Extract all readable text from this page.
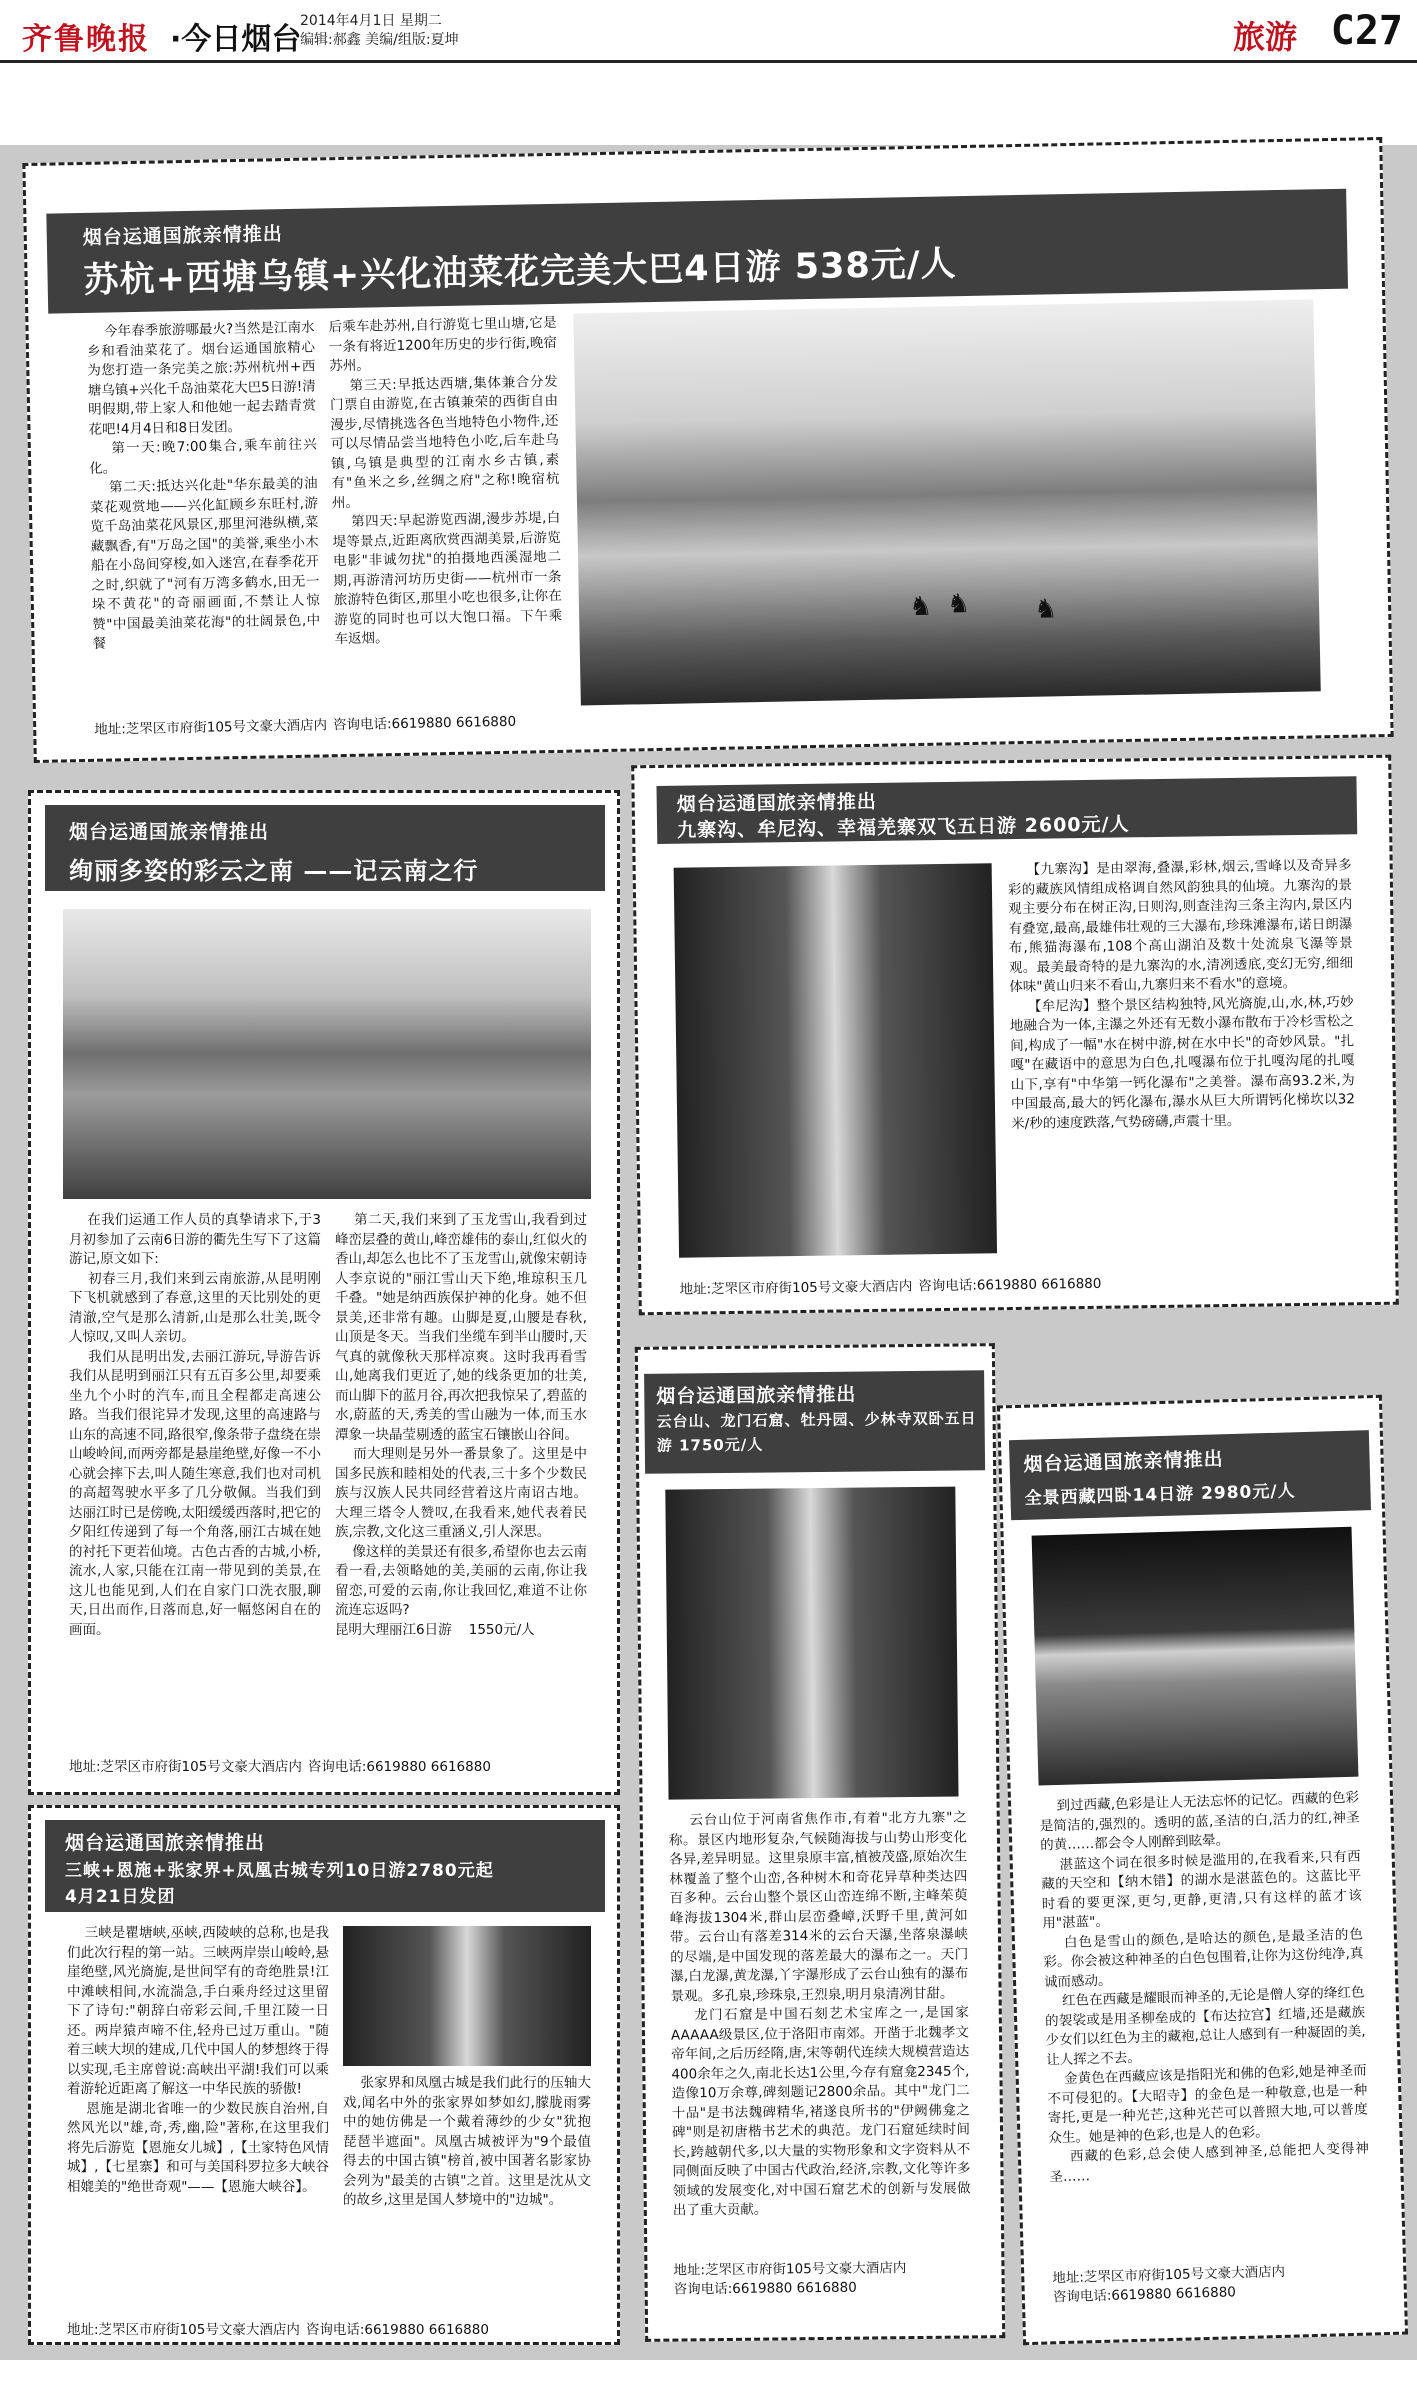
齐鲁晚报 ·今日烟台
2014年4月1日 星期二
编辑:郝鑫 美编/组版:夏坤	旅游 C27
烟台运通国旅亲情推出
苏杭+西塘乌镇+兴化油菜花完美大巴4日游 538元/人
今年春季旅游哪最火?当然是江南水乡和看油菜花了。烟台运通国旅精心为您打造一条完美之旅:苏州杭州+西塘乌镇+兴化千岛油菜花大巴5日游!清明假期,带上家人和他她一起去踏青赏花吧!4月4日和8日发团。
第一天:晚7:00集合,乘车前往兴化。
第二天:抵达兴化赴"华东最美的油菜花观赏地——兴化缸顾乡东旺村,游览千岛油菜花风景区,那里河港纵横,菜藏飘香,有"万岛之国"的美誉,乘坐小木船在小岛间穿梭,如入迷宫,在春季花开之时,织就了"河有万湾多鹤水,田无一垛不黄花"的奇丽画面,不禁让人惊赞"中国最美油菜花海"的壮阔景色,中餐
后乘车赴苏州,自行游览七里山塘,它是一条有将近1200年历史的步行街,晚宿苏州。
第三天:早抵达西塘,集体兼合分发门票自由游览,在古镇兼荣的西街自由漫步,尽情挑选各色当地特色小物件,还可以尽情品尝当地特色小吃,后车赴乌镇,乌镇是典型的江南水乡古镇,素有"鱼米之乡,丝绸之府"之称!晚宿杭州。
第四天:早起游览西湖,漫步苏堤,白堤等景点,近距离欣赏西湖美景,后游览电影"非诚勿扰"的拍摄地西溪湿地二期,再游清河坊历史街——杭州市一条旅游特色街区,那里小吃也很多,让你在游览的同时也可以大饱口福。下午乘车返烟。
♞ ♞ ♞
地址:芝罘区市府街105号文豪大酒店内 咨询电话:6619880 6616880
烟台运通国旅亲情推出
绚丽多姿的彩云之南 ——记云南之行
在我们运通工作人员的真挚请求下,于3月初参加了云南6日游的衢先生写下了这篇游记,原文如下:
初春三月,我们来到云南旅游,从昆明刚下飞机就感到了春意,这里的天比别处的更清澈,空气是那么清新,山是那么壮美,既令人惊叹,又叫人亲切。
我们从昆明出发,去丽江游玩,导游告诉我们从昆明到丽江只有五百多公里,却要乘坐九个小时的汽车,而且全程都走高速公路。当我们很诧异才发现,这里的高速路与山东的高速不同,路很窄,像条带子盘绕在崇山峻岭间,而两旁都是悬崖绝壁,好像一不小心就会摔下去,叫人随生寒意,我们也对司机的高超驾驶水平多了几分敬佩。当我们到达丽江时已是傍晚,太阳缓缓西落时,把它的夕阳红传递到了每一个角落,丽江古城在她的衬托下更若仙境。古色古香的古城,小桥,流水,人家,只能在江南一带见到的美景,在这儿也能见到,人们在自家门口洗衣服,聊天,日出而作,日落而息,好一幅悠闲自在的画面。
第二天,我们来到了玉龙雪山,我看到过峰峦层叠的黄山,峰峦雄伟的泰山,红似火的香山,却怎么也比不了玉龙雪山,就像宋朝诗人李京说的"丽江雪山天下绝,堆琼积玉几千叠。"她是纳西族保护神的化身。她不但景美,还非常有趣。山脚是夏,山腰是春秋,山顶是冬天。当我们坐缆车到半山腰时,天气真的就像秋天那样凉爽。这时我再看雪山,她离我们更近了,她的线条更加的壮美,而山脚下的蓝月谷,再次把我惊呆了,碧蓝的水,蔚蓝的天,秀美的雪山融为一体,而玉水潭象一块晶莹剔透的蓝宝石镶嵌山谷间。
而大理则是另外一番景象了。这里是中国多民族和睦相处的代表,三十多个少数民族与汉族人民共同经营着这片南诏古地。大理三塔令人赞叹,在我看来,她代表着民族,宗教,文化这三重涵义,引人深思。
像这样的美景还有很多,希望你也去云南看一看,去领略她的美,美丽的云南,你让我留恋,可爱的云南,你让我回忆,难道不让你流连忘返吗?
昆明大理丽江6日游    1550元/人
地址:芝罘区市府街105号文豪大酒店内 咨询电话:6619880 6616880
烟台运通国旅亲情推出
九寨沟、牟尼沟、幸福羌寨双飞五日游 2600元/人
【九寨沟】是由翠海,叠瀑,彩林,烟云,雪峰以及奇异多彩的藏族风情组成格调自然风韵独具的仙境。九寨沟的景观主要分布在树正沟,日则沟,则查洼沟三条主沟内,景区内有叠宽,最高,最雄伟壮观的三大瀑布,珍珠滩瀑布,诺日朗瀑布,熊猫海瀑布,108个高山湖泊及数十处流泉飞瀑等景观。最美最奇特的是九寨沟的水,清冽透底,变幻无穷,细细体味"黄山归来不看山,九寨归来不看水"的意境。
【牟尼沟】整个景区结构独特,风光旖旎,山,水,林,巧妙地融合为一体,主瀑之外还有无数小瀑布散布于冷杉雪松之间,构成了一幅"水在树中游,树在水中长"的奇妙风景。"扎嘎"在藏语中的意思为白色,扎嘎瀑布位于扎嘎沟尾的扎嘎山下,享有"中华第一钙化瀑布"之美誉。瀑布高93.2米,为中国最高,最大的钙化瀑布,瀑水从巨大所谓钙化梯坎以32米/秒的速度跌落,气势磅礴,声震十里。
地址:芝罘区市府街105号文豪大酒店内 咨询电话:6619880 6616880
烟台运通国旅亲情推出
三峡+恩施+张家界+凤凰古城专列10日游2780元起
4月21日发团
三峡是瞿塘峡,巫峡,西陵峡的总称,也是我们此次行程的第一站。三峡两岸崇山峻岭,悬崖绝壁,风光旖旎,是世间罕有的奇绝胜景!江中滩峡相间,水流湍急,手白乘舟经过这里留下了诗句:"朝辞白帝彩云间,千里江陵一日还。两岸猿声啼不住,轻舟已过万重山。"随着三峡大坝的建成,几代中国人的梦想终于得以实现,毛主席曾说:高峡出平湖!我们可以乘着游轮近距离了解这一中华民族的骄傲!
恩施是湖北省唯一的少数民族自治州,自然风光以"雄,奇,秀,幽,险"著称,在这里我们将先后游览【恩施女儿城】,【土家特色风情城】,【七星寨】和可与美国科罗拉多大峡谷相媲美的"绝世奇观"——【恩施大峡谷】。
张家界和凤凰古城是我们此行的压轴大戏,闻名中外的张家界如梦如幻,朦胧雨雾中的她仿佛是一个戴着薄纱的少女"犹抱琵琶半遮面"。凤凰古城被评为"9个最值得去的中国古镇"榜首,被中国著名影家协会列为"最美的古镇"之首。这里是沈从文的故乡,这里是国人梦境中的"边城"。
地址:芝罘区市府街105号文豪大酒店内 咨询电话:6619880 6616880
烟台运通国旅亲情推出
云台山、龙门石窟、牡丹园、少林寺双卧五日游 1750元/人
云台山位于河南省焦作市,有着"北方九寨"之称。景区内地形复杂,气候随海拔与山势山形变化各异,差异明显。这里泉原丰富,植被茂盛,原始次生林覆盖了整个山峦,各种树木和奇花异草种类达四百多种。云台山整个景区山峦连绵不断,主峰茱萸峰海拔1304米,群山层峦叠嶂,沃野千里,黄河如带。云台山有落差314米的云台天瀑,坐落泉瀑峡的尽端,是中国发现的落差最大的瀑布之一。天门瀑,白龙瀑,黄龙瀑,丫字瀑形成了云台山独有的瀑布景观。多孔泉,珍珠泉,王烈泉,明月泉清冽甘甜。
龙门石窟是中国石刻艺术宝库之一,是国家AAAAA级景区,位于洛阳市南郊。开凿于北魏孝文帝年间,之后历经隋,唐,宋等朝代连续大规模营造达400余年之久,南北长达1公里,今存有窟龛2345个,造像10万余尊,碑刻题记2800余品。其中"龙门二十品"是书法魏碑精华,褚遂良所书的"伊阙佛龛之碑"则是初唐楷书艺术的典范。龙门石窟延续时间长,跨越朝代多,以大量的实物形象和文字资料从不同侧面反映了中国古代政治,经济,宗教,文化等许多领域的发展变化,对中国石窟艺术的创新与发展做出了重大贡献。
地址:芝罘区市府街105号文豪大酒店内
咨询电话:6619880 6616880
烟台运通国旅亲情推出
全景西藏四卧14日游 2980元/人
到过西藏,色彩是让人无法忘怀的记忆。西藏的色彩是简洁的,强烈的。透明的蓝,圣洁的白,活力的红,神圣的黄……都会令人刚醉到眩晕。
湛蓝这个词在很多时候是滥用的,在我看来,只有西藏的天空和【纳木错】的湖水是湛蓝色的。这蓝比平时看的要更深,更匀,更静,更清,只有这样的蓝才该用"湛蓝"。
白色是雪山的颜色,是哈达的颜色,是最圣洁的色彩。你会被这种神圣的白色包围着,让你为这份纯净,真诚而感动。
红色在西藏是耀眼而神圣的,无论是僧人穿的绛红色的袈裟或是用圣柳垒成的【布达拉宫】红墙,还是藏族少女们以红色为主的藏袍,总让人感到有一种凝固的美,让人挥之不去。
金黄色在西藏应该是指阳光和佛的色彩,她是神圣而不可侵犯的。【大昭寺】的金色是一种敬意,也是一种寄托,更是一种光芒,这种光芒可以普照大地,可以普度众生。她是神的色彩,也是人的色彩。
西藏的色彩,总会使人感到神圣,总能把人变得神圣……
地址:芝罘区市府街105号文豪大酒店内
咨询电话:6619880 6616880
